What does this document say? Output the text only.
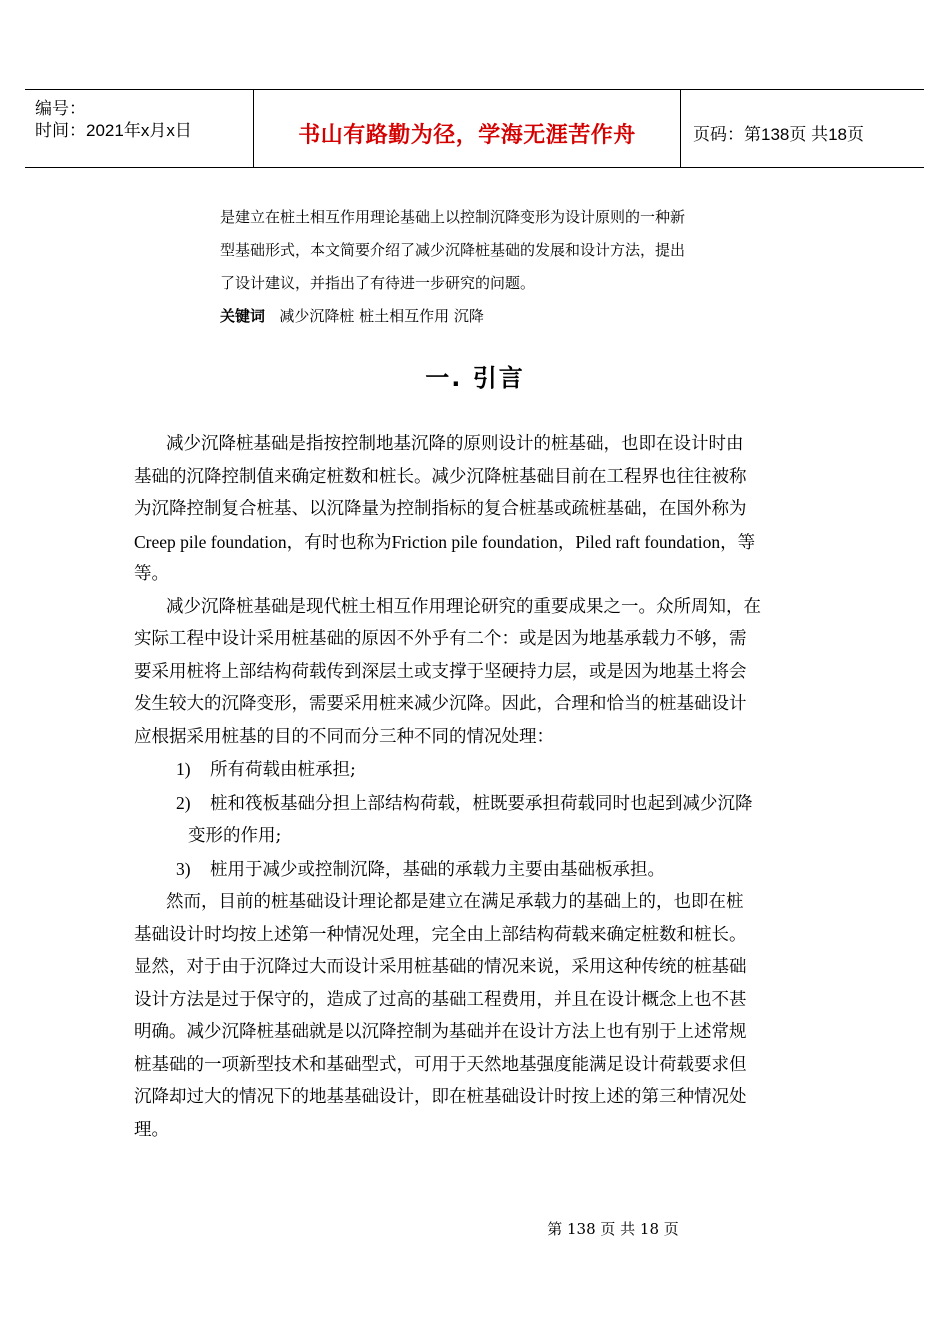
编号：
时间：2021年x月x日	书山有路勤为径，学海无涯苦作舟	页码：第138页 共18页

是建立在桩土相互作用理论基础上以控制沉降变形为设计原则的一种新

型基础形式，本文简要介绍了减少沉降桩基础的发展和设计方法，提出

了设计建议，并指出了有待进一步研究的问题。

关键词 减少沉降桩 桩土相互作用 沉降

一. 引言
减少沉降桩基础是指按控制地基沉降的原则设计的桩基础，也即在设计时由
基础的沉降控制值来确定桩数和桩长。减少沉降桩基础目前在工程界也往往被称
为沉降控制复合桩基、以沉降量为控制指标的复合桩基或疏桩基础，在国外称为
Creep pile foundation，有时也称为Friction pile foundation，Piled raft foundation，等
等。
减少沉降桩基础是现代桩土相互作用理论研究的重要成果之一。众所周知，在
实际工程中设计采用桩基础的原因不外乎有二个：或是因为地基承载力不够，需
要采用桩将上部结构荷载传到深层土或支撑于坚硬持力层，或是因为地基土将会
发生较大的沉降变形，需要采用桩来减少沉降。因此，合理和恰当的桩基础设计
应根据采用桩基的目的不同而分三种不同的情况处理：
1) 所有荷载由桩承担;
2) 桩和筏板基础分担上部结构荷载，桩既要承担荷载同时也起到减少沉降
变形的作用;
3) 桩用于减少或控制沉降，基础的承载力主要由基础板承担。
然而，目前的桩基础设计理论都是建立在满足承载力的基础上的，也即在桩
基础设计时均按上述第一种情况处理，完全由上部结构荷载来确定桩数和桩长。
显然，对于由于沉降过大而设计采用桩基础的情况来说，采用这种传统的桩基础
设计方法是过于保守的，造成了过高的基础工程费用，并且在设计概念上也不甚
明确。减少沉降桩基础就是以沉降控制为基础并在设计方法上也有别于上述常规
桩基础的一项新型技术和基础型式，可用于天然地基强度能满足设计荷载要求但
沉降却过大的情况下的地基基础设计，即在桩基础设计时按上述的第三种情况处
理。
第 138 页 共 18 页
